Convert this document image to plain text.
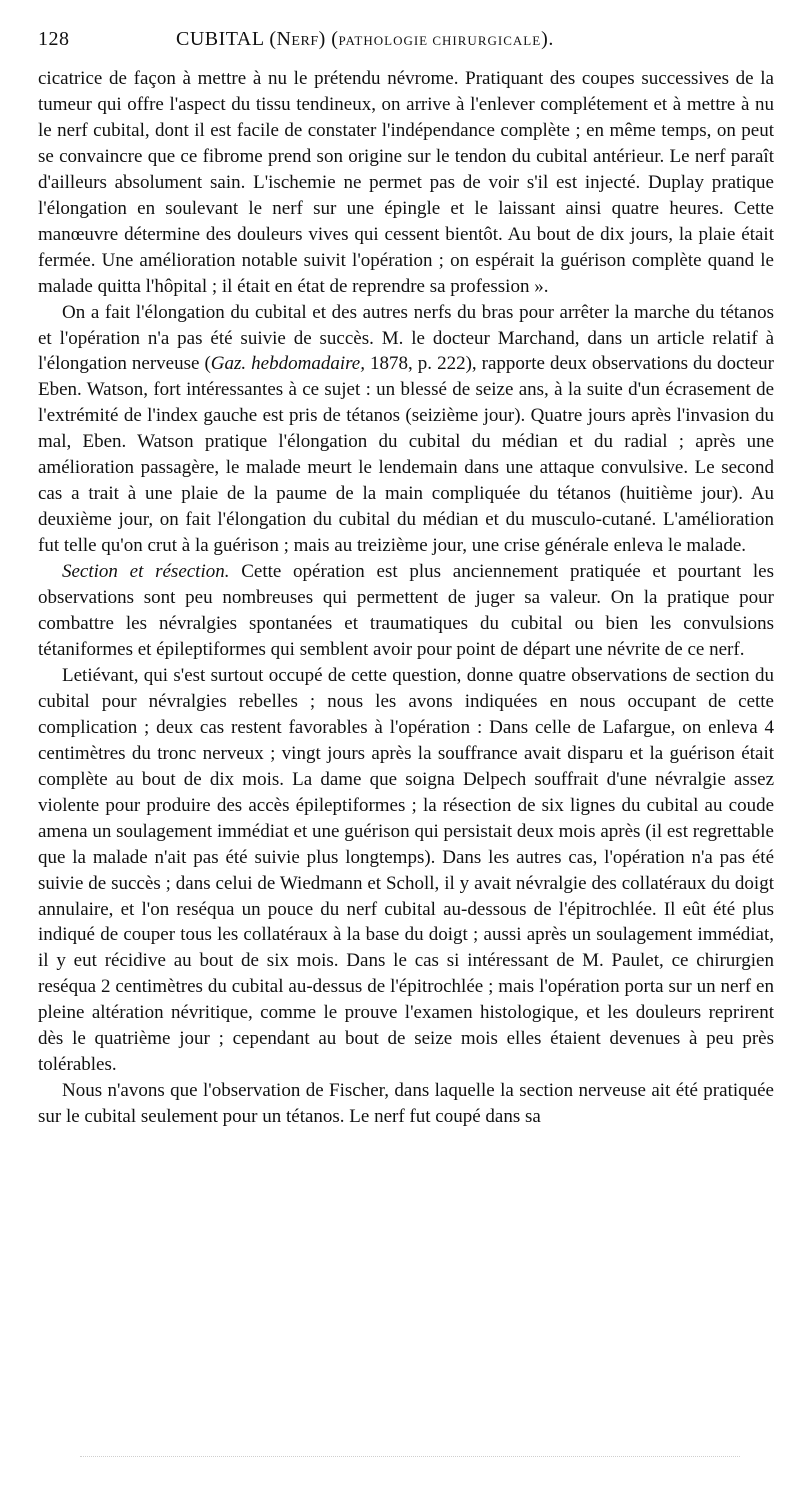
128	CUBITAL (Nerf) (PATHOLOGIE CHIRURGICALE).

cicatrice de façon à mettre à nu le prétendu névrome. Pratiquant des coupes successives de la tumeur qui offre l'aspect du tissu tendineux, on arrive à l'enlever complétement et à mettre à nu le nerf cubital, dont il est facile de constater l'indépendance complète ; en même temps, on peut se convaincre que ce fibrome prend son origine sur le tendon du cubital antérieur. Le nerf paraît d'ailleurs absolument sain. L'ischemie ne permet pas de voir s'il est injecté. Duplay pratique l'élongation en soulevant le nerf sur une épingle et le laissant ainsi quatre heures. Cette manœuvre détermine des douleurs vives qui cessent bientôt. Au bout de dix jours, la plaie était fermée. Une amélioration notable suivit l'opération ; on espérait la guérison complète quand le malade quitta l'hôpital ; il était en état de reprendre sa profession ».

On a fait l'élongation du cubital et des autres nerfs du bras pour arrêter la marche du tétanos et l'opération n'a pas été suivie de succès. M. le docteur Marchand, dans un article relatif à l'élongation nerveuse (Gaz. hebdomadaire, 1878, p. 222), rapporte deux observations du docteur Eben. Watson, fort intéressantes à ce sujet : un blessé de seize ans, à la suite d'un écrasement de l'extrémité de l'index gauche est pris de tétanos (seizième jour). Quatre jours après l'invasion du mal, Eben. Watson pratique l'élongation du cubital du médian et du radial ; après une amélioration passagère, le malade meurt le lendemain dans une attaque convulsive. Le second cas a trait à une plaie de la paume de la main compliquée du tétanos (huitième jour). Au deuxième jour, on fait l'élongation du cubital du médian et du musculo-cutané. L'amélioration fut telle qu'on crut à la guérison ; mais au treizième jour, une crise générale enleva le malade.

Section et résection. Cette opération est plus anciennement pratiquée et pourtant les observations sont peu nombreuses qui permettent de juger sa valeur. On la pratique pour combattre les névralgies spontanées et traumatiques du cubital ou bien les convulsions tétaniformes et épileptiformes qui semblent avoir pour point de départ une névrite de ce nerf.

Letiévant, qui s'est surtout occupé de cette question, donne quatre observations de section du cubital pour névralgies rebelles ; nous les avons indiquées en nous occupant de cette complication ; deux cas restent favorables à l'opération : Dans celle de Lafargue, on enleva 4 centimètres du tronc nerveux ; vingt jours après la souffrance avait disparu et la guérison était complète au bout de dix mois. La dame que soigna Delpech souffrait d'une névralgie assez violente pour produire des accès épileptiformes ; la résection de six lignes du cubital au coude amena un soulagement immédiat et une guérison qui persistait deux mois après (il est regrettable que la malade n'ait pas été suivie plus longtemps). Dans les autres cas, l'opération n'a pas été suivie de succès ; dans celui de Wiedmann et Scholl, il y avait névralgie des collatéraux du doigt annulaire, et l'on reséqua un pouce du nerf cubital au-dessous de l'épitrochlée. Il eût été plus indiqué de couper tous les collatéraux à la base du doigt ; aussi après un soulagement immédiat, il y eut récidive au bout de six mois. Dans le cas si intéressant de M. Paulet, ce chirurgien reséqua 2 centimètres du cubital au-dessus de l'épitrochlée ; mais l'opération porta sur un nerf en pleine altération névritique, comme le prouve l'examen histologique, et les douleurs reprirent dès le quatrième jour ; cependant au bout de seize mois elles étaient devenues à peu près tolérables.

Nous n'avons que l'observation de Fischer, dans laquelle la section nerveuse ait été pratiquée sur le cubital seulement pour un tétanos. Le nerf fut coupé dans sa
